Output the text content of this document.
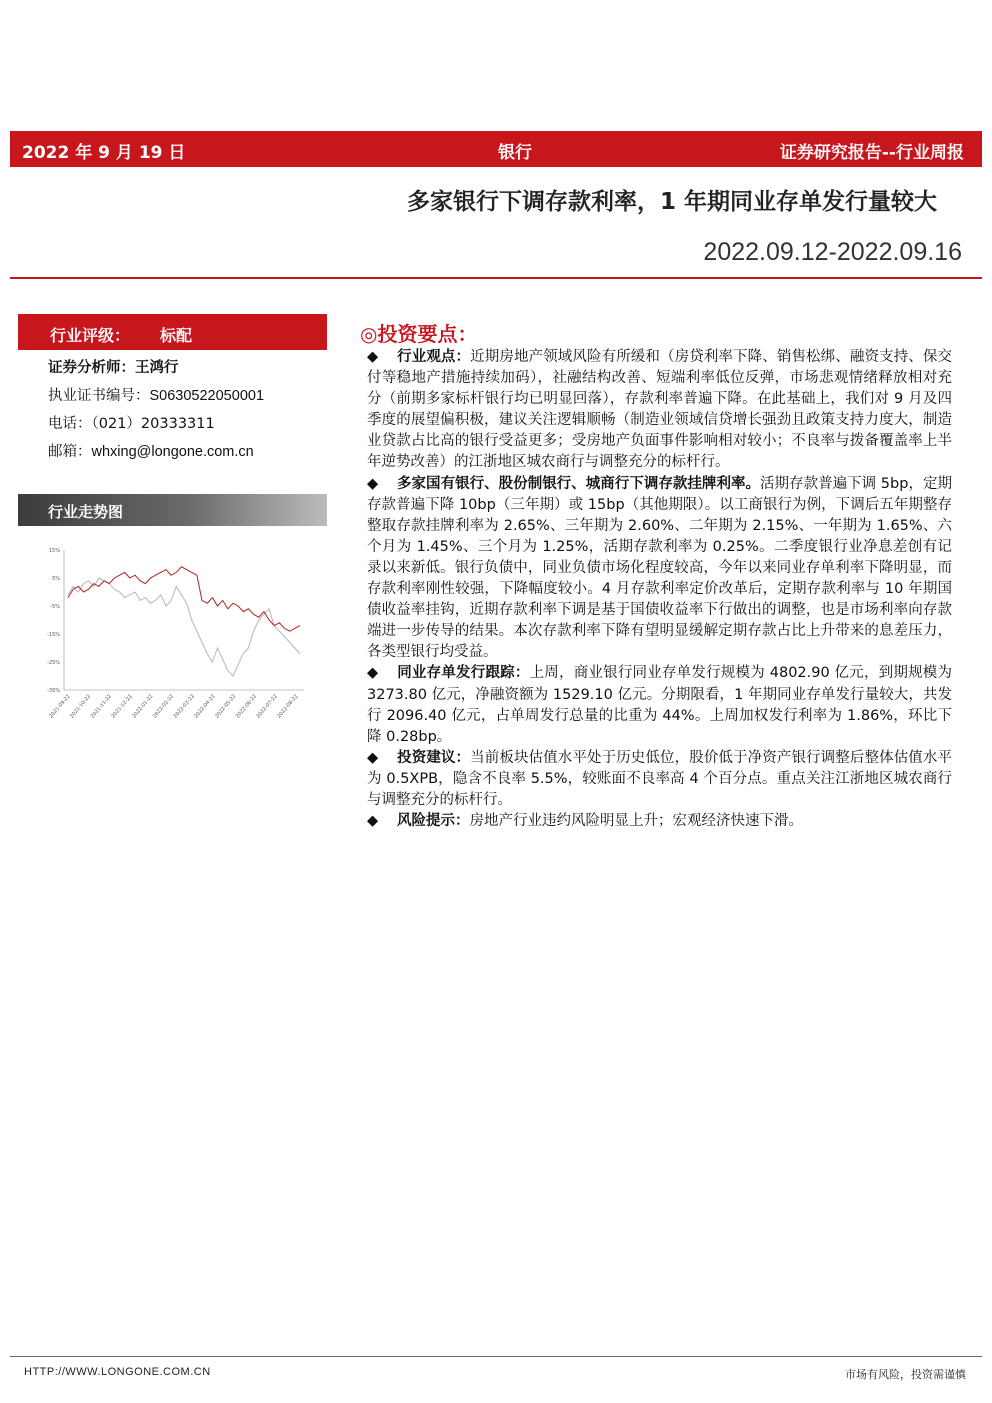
2022 年 9 月 19 日	银行	证券研究报告--行业周报
多家银行下调存款利率，1 年期同业存单发行量较大
2022.09.12-2022.09.16
行业评级： 标配
证券分析师：王鸿行
执业证书编号：S0630522050001
电话：（021）20333311
邮箱：whxing@longone.com.cn
行业走势图
15%
5%
-5%
-15%
-25%
-35%
2021-09-22
2021-10-22
2021-11-22
2021-12-22
2022-01-22
2022-02-22
2022-03-22
2022-04-22
2022-05-22
2022-06-22
2022-07-22
2022-08-22
◎投资要点：

◆ 行业观点：近期房地产领域风险有所缓和（房贷利率下降、销售松绑、融资支持、保交付等稳地产措施持续加码），社融结构改善、短端利率低位反弹，市场悲观情绪释放相对充分（前期多家标杆银行均已明显回落），存款利率普遍下降。在此基础上，我们对 9 月及四季度的展望偏积极，建议关注逻辑顺畅（制造业领域信贷增长强劲且政策支持力度大，制造业贷款占比高的银行受益更多；受房地产负面事件影响相对较小；不良率与拨备覆盖率上半年逆势改善）的江浙地区城农商行与调整充分的标杆行。

◆ 多家国有银行、股份制银行、城商行下调存款挂牌利率。活期存款普遍下调 5bp，定期存款普遍下降 10bp（三年期）或 15bp（其他期限）。以工商银行为例，下调后五年期整存整取存款挂牌利率为 2.65%、三年期为 2.60%、二年期为 2.15%、一年期为 1.65%、六个月为 1.45%、三个月为 1.25%，活期存款利率为 0.25%。二季度银行业净息差创有记录以来新低。银行负债中，同业负债市场化程度较高，今年以来同业存单利率下降明显，而存款利率刚性较强，下降幅度较小。4 月存款利率定价改革后，定期存款利率与 10 年期国债收益率挂钩，近期存款利率下调是基于国债收益率下行做出的调整，也是市场利率向存款端进一步传导的结果。本次存款利率下降有望明显缓解定期存款占比上升带来的息差压力，各类型银行均受益。

◆ 同业存单发行跟踪：上周，商业银行同业存单发行规模为 4802.90 亿元，到期规模为 3273.80 亿元，净融资额为 1529.10 亿元。分期限看，1 年期同业存单发行量较大，共发行 2096.40 亿元，占单周发行总量的比重为 44%。上周加权发行利率为 1.86%，环比下降 0.28bp。

◆ 投资建议：当前板块估值水平处于历史低位，股价低于净资产银行调整后整体估值水平为 0.5XPB，隐含不良率 5.5%，较账面不良率高 4 个百分点。重点关注江浙地区城农商行与调整充分的标杆行。

◆ 风险提示：房地产行业违约风险明显上升；宏观经济快速下滑。

HTTP://WWW.LONGONE.COM.CN	市场有风险，投资需谨慎
